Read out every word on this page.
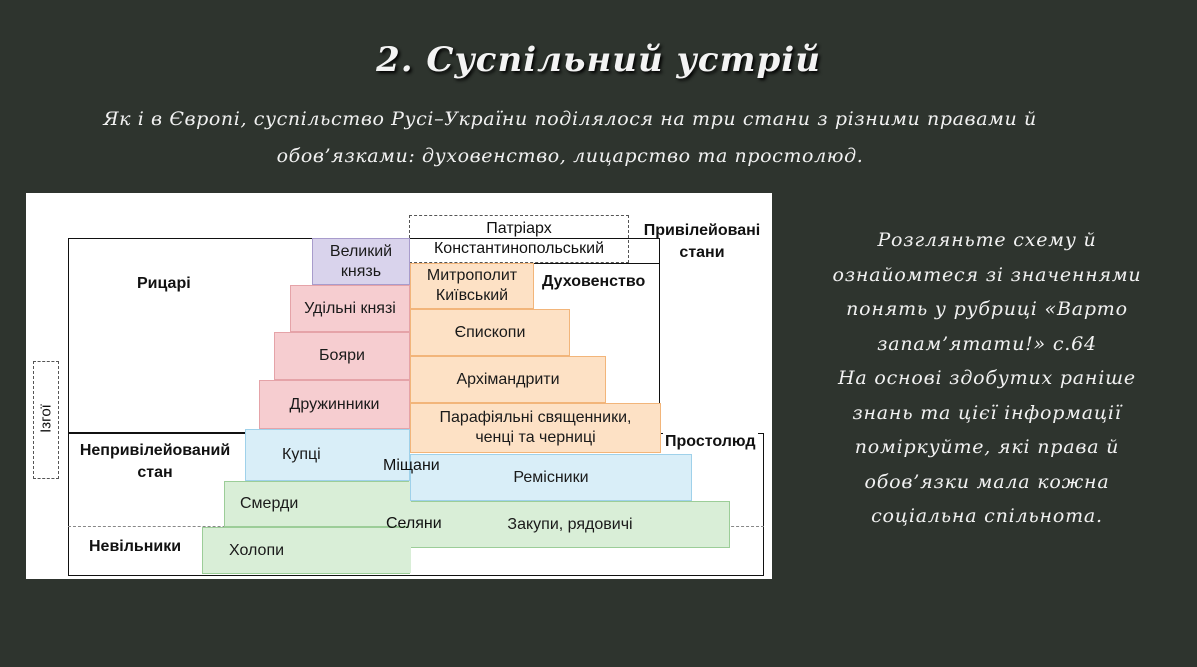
2. Суспільний устрій
Як і в Європі, суспільство Русі–України поділялося на три стани з різними правами й
обов’язками: духовенство, лицарство та простолюд.
Холопи
Смерди
Закупи, рядовичі
Селяни
Купці
Ремісники
Міщани
Дружинники
Бояри
Удільні князі
Великий
князь	Митрополит
Київський
Єпископи
Архімандрити
Парафіяльні священники,
ченці та черниці
Патріарх
Константинопольський
Рицарі	Духовенство
Привілейовані
стани
Непривілейований
стан
Простолюд
Невільники
Ізгої
Розгляньте схему й
ознайомтеся зі значеннями
понять у рубриці «Варто
запам’ятати!» с.64
На основі здобутих раніше
знань та цієї інформації
поміркуйте, які права й
обов’язки мала кожна
соціальна спільнота.
